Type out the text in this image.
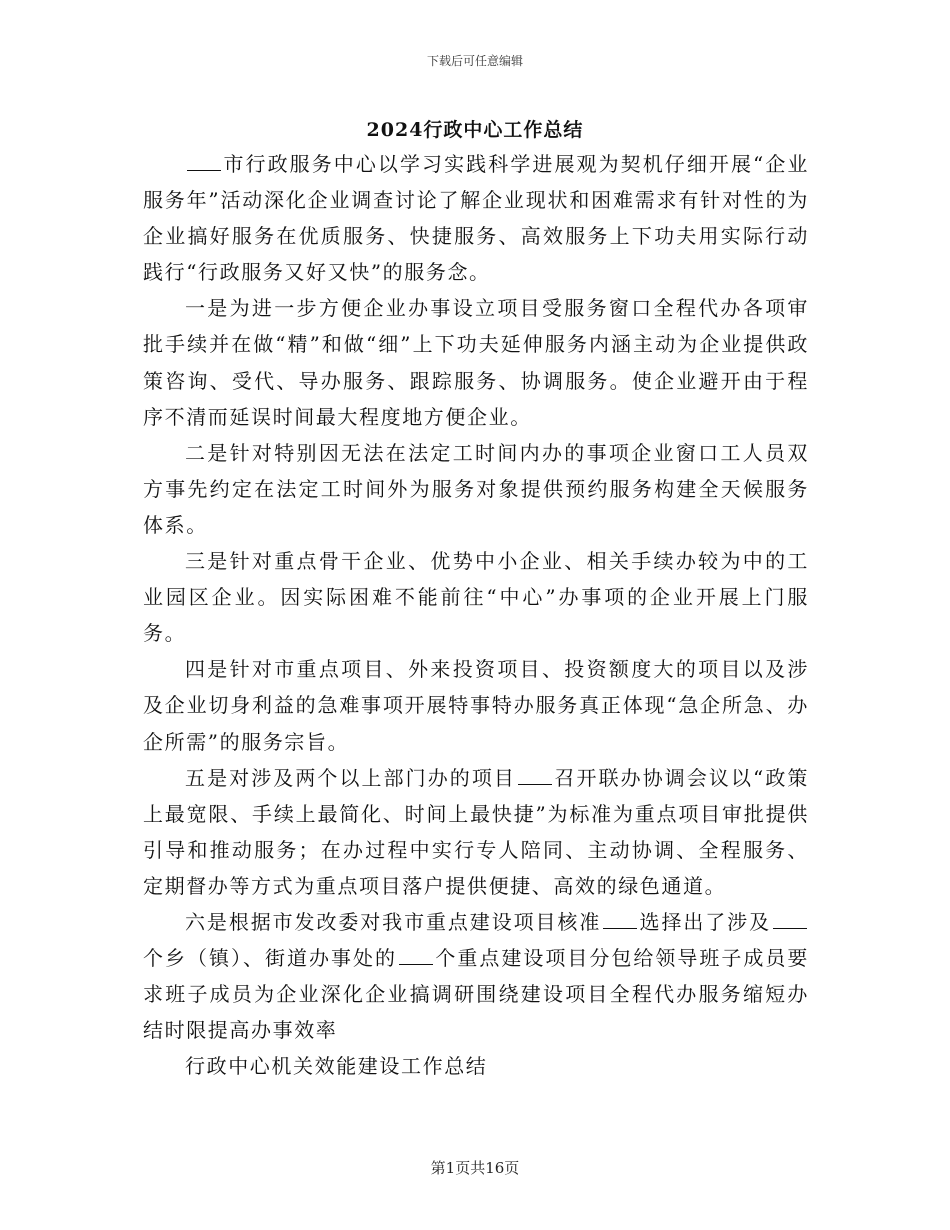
下载后可任意编辑
2024行政中心工作总结

市行政服务中心以学习实践科学进展观为契机仔细开展“企业服务年”活动深化企业调查讨论了解企业现状和困难需求有针对性的为企业搞好服务在优质服务、快捷服务、高效服务上下功夫用实际行动践行“行政服务又好又快”的服务念。

一是为进一步方便企业办事设立项目受服务窗口全程代办各项审批手续并在做“精”和做“细”上下功夫延伸服务内涵主动为企业提供政策咨询、受代、导办服务、跟踪服务、协调服务。使企业避开由于程序不清而延误时间最大程度地方便企业。

二是针对特别因无法在法定工时间内办的事项企业窗口工人员双方事先约定在法定工时间外为服务对象提供预约服务构建全天候服务体系。

三是针对重点骨干企业、优势中小企业、相关手续办较为中的工业园区企业。因实际困难不能前往“中心”办事项的企业开展上门服务。

四是针对市重点项目、外来投资项目、投资额度大的项目以及涉及企业切身利益的急难事项开展特事特办服务真正体现“急企所急、办企所需”的服务宗旨。

五是对涉及两个以上部门办的项目 召开联办协调会议以“政策上最宽限、手续上最简化、时间上最快捷”为标准为重点项目审批提供引导和推动服务；在办过程中实行专人陪同、主动协调、全程服务、定期督办等方式为重点项目落户提供便捷、高效的绿色通道。

六是根据市发改委对我市重点建设项目核准 选择出了涉及个乡（镇）、街道办事处的 个重点建设项目分包给领导班子成员要求班子成员为企业深化企业搞调研围绕建设项目全程代办服务缩短办结时限提高办事效率

行政中心机关效能建设工作总结

第1页共16页
